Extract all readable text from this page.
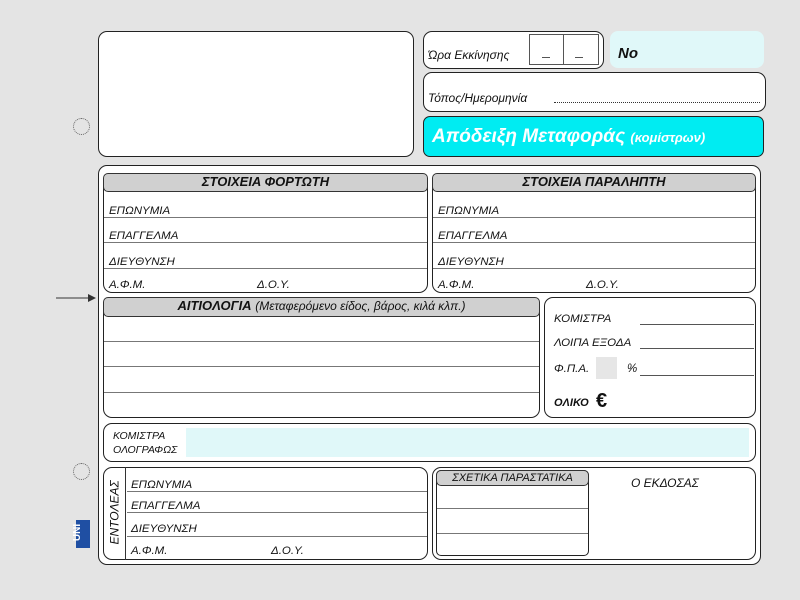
Ώρα Εκκίνησης	No
Τόπος/Ημερομηνία
Απόδειξη Μεταφοράς (κομίστρων)
ΣΤΟΙΧΕΙΑ ΦΟΡΤΩΤΗ
ΕΠΩΝΥΜΙΑ
ΕΠΑΓΓΕΛΜΑ
ΔΙΕΥΘΥΝΣΗ
Α.Φ.Μ.	Δ.Ο.Υ.
ΣΤΟΙΧΕΙΑ ΠΑΡΑΛΗΠΤΗ
ΕΠΩΝΥΜΙΑ
ΕΠΑΓΓΕΛΜΑ
ΔΙΕΥΘΥΝΣΗ
Α.Φ.Μ.	Δ.Ο.Υ.
ΑΙΤΙΟΛΟΓΙΑ (Μεταφερόμενο είδος, βάρος, κιλά κλπ.)
ΚΟΜΙΣΤΡΑ
ΛΟΙΠΑ ΕΞΟΔΑ
Φ.Π.Α.	%
ΟΛΙΚΟ €
ΚΟΜΙΣΤΡΑ
ΟΛΟΓΡΑΦΩΣ
ΕΝΤΟΛΕΑΣ ΕΠΩΝΥΜΙΑ
ΕΠΑΓΓΕΛΜΑ
ΔΙΕΥΘΥΝΣΗ
Α.Φ.Μ.	Δ.Ο.Υ.
ΣΧΕΤΙΚΑ ΠΑΡΑΣΤΑΤΙΚΑ	Ο ΕΚΔΟΣΑΣ
UNI
